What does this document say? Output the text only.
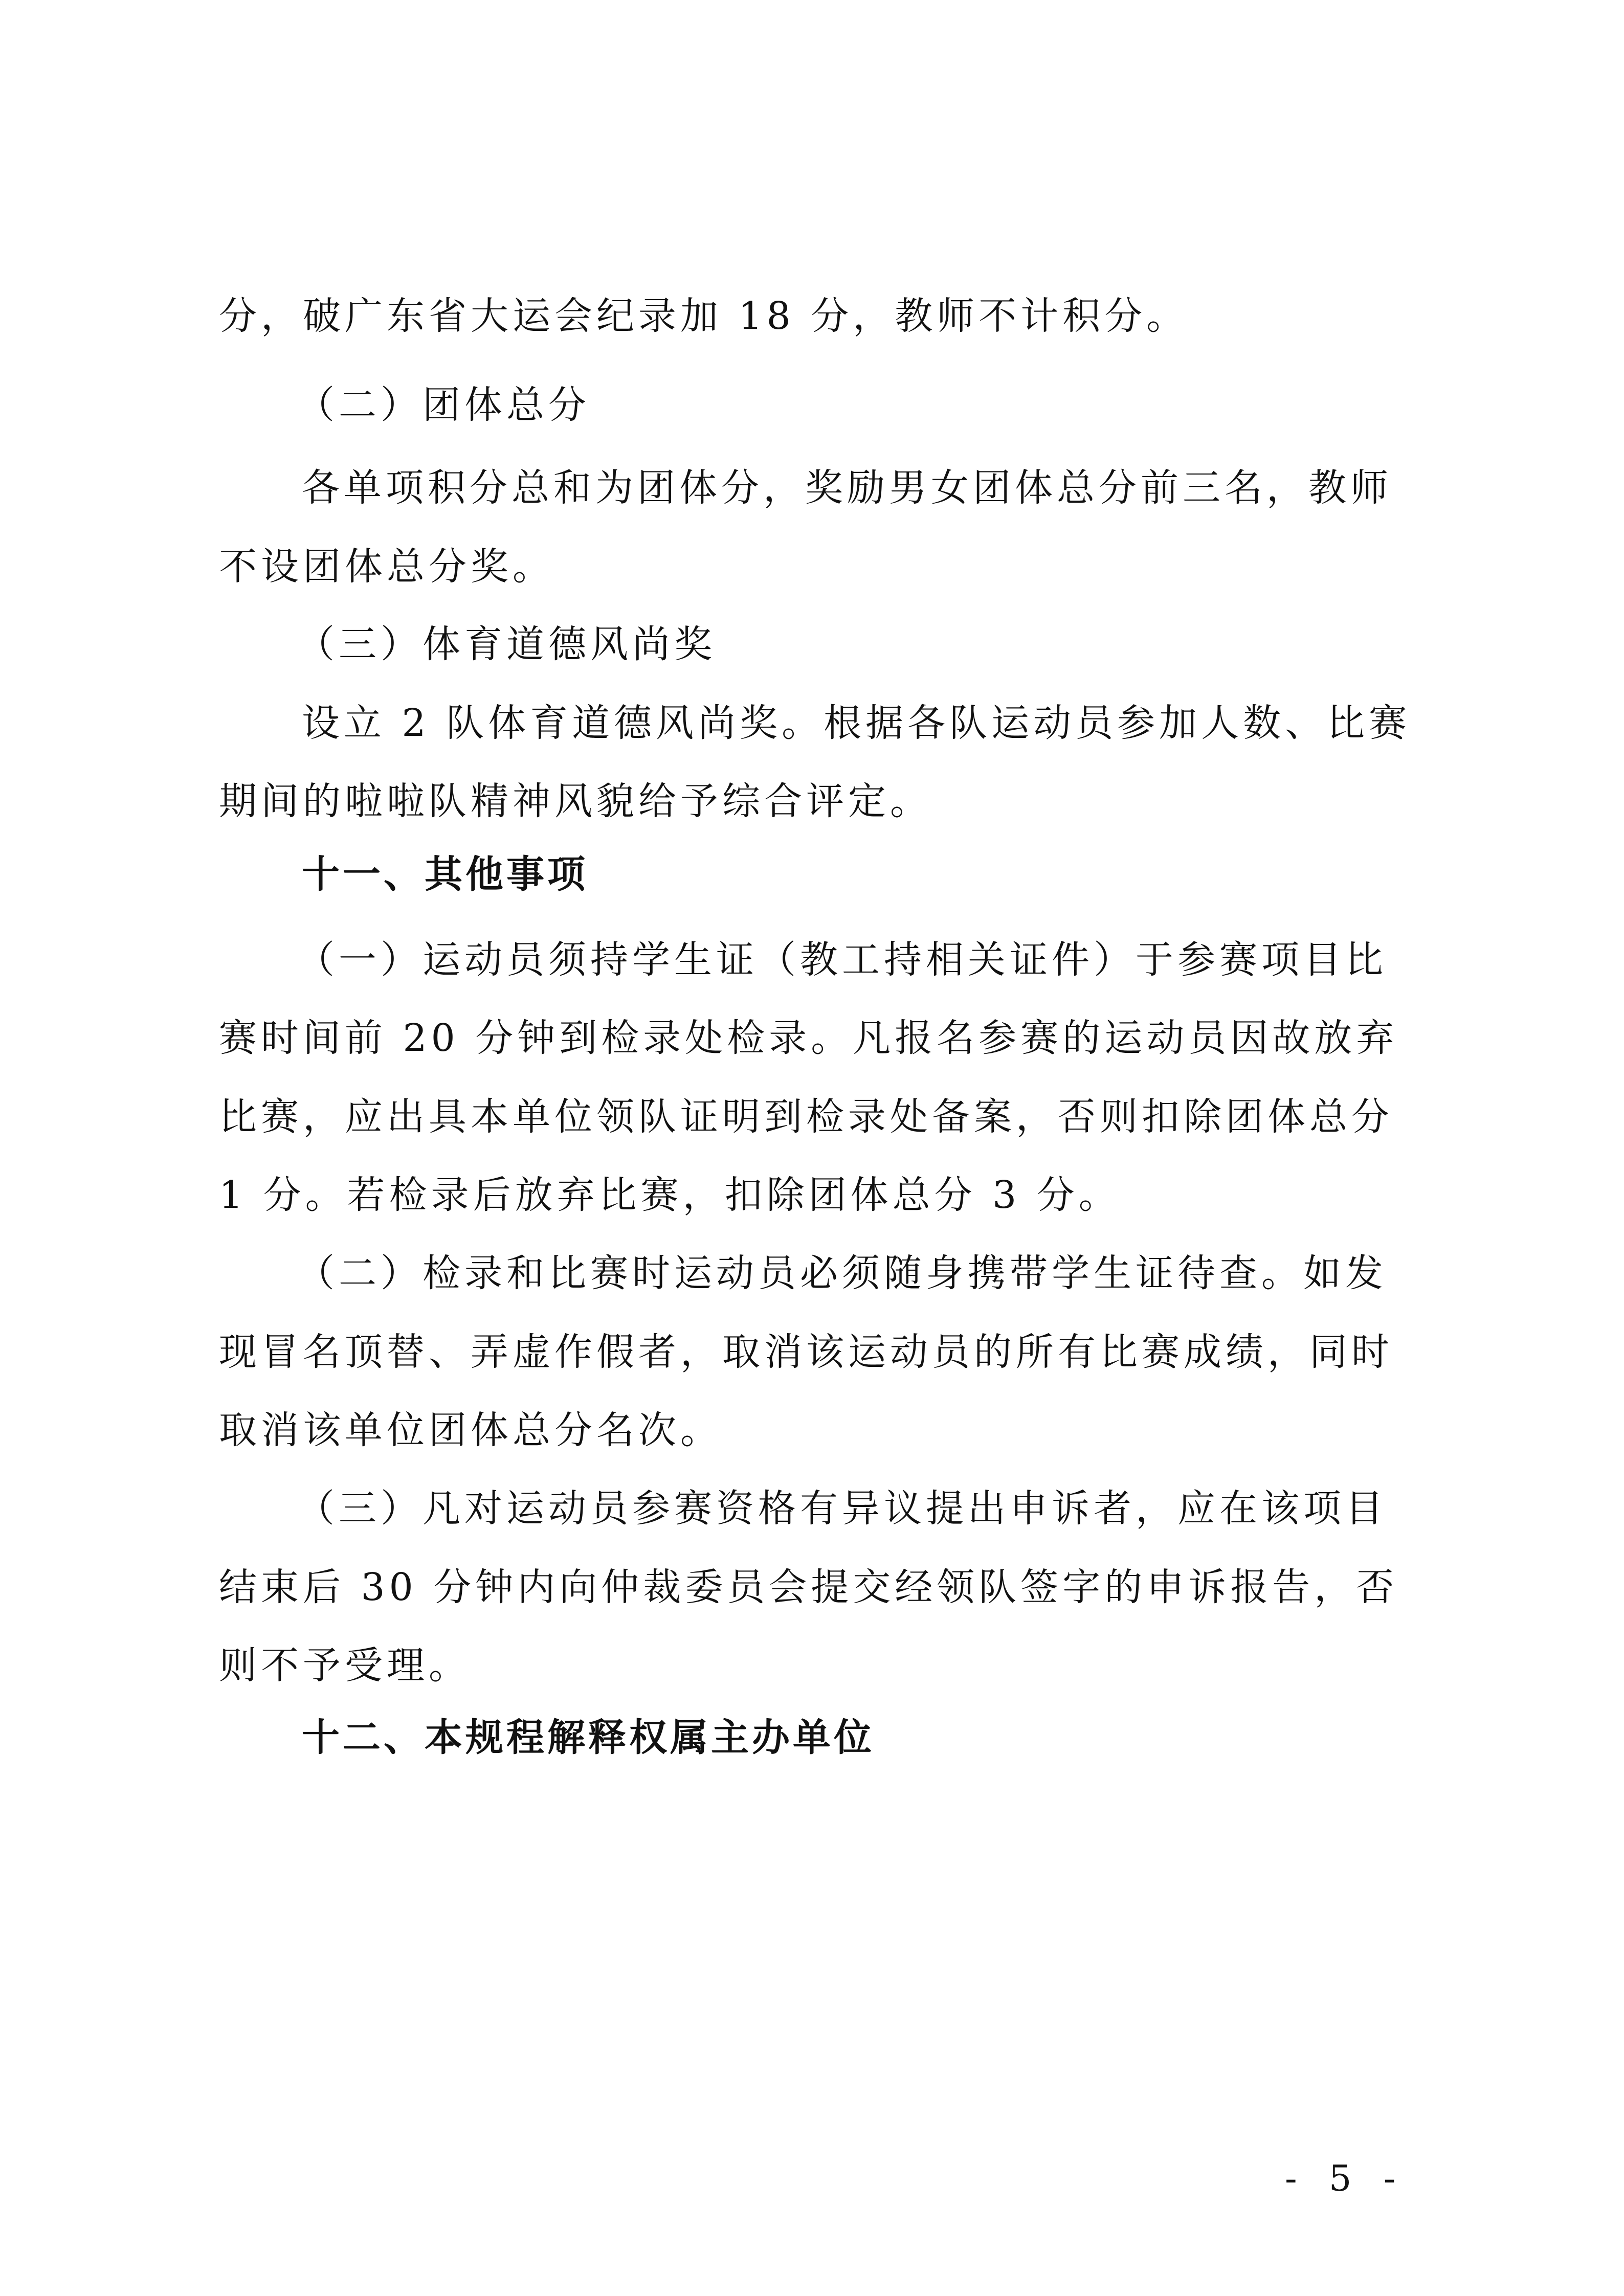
分，破广东省大运会纪录加 18 分，教师不计积分。
（二）团体总分
各单项积分总和为团体分，奖励男女团体总分前三名，教师
不设团体总分奖。
（三）体育道德风尚奖
设立 2 队体育道德风尚奖。根据各队运动员参加人数、比赛
期间的啦啦队精神风貌给予综合评定。
十一、其他事项
（一）运动员须持学生证（教工持相关证件）于参赛项目比
赛时间前 20 分钟到检录处检录。凡报名参赛的运动员因故放弃
比赛，应出具本单位领队证明到检录处备案，否则扣除团体总分
1 分。若检录后放弃比赛，扣除团体总分 3 分。
（二）检录和比赛时运动员必须随身携带学生证待查。如发
现冒名顶替、弄虚作假者，取消该运动员的所有比赛成绩，同时
取消该单位团体总分名次。
（三）凡对运动员参赛资格有异议提出申诉者，应在该项目
结束后 30 分钟内向仲裁委员会提交经领队签字的申诉报告，否
则不予受理。
十二、本规程解释权属主办单位
- 5 -
